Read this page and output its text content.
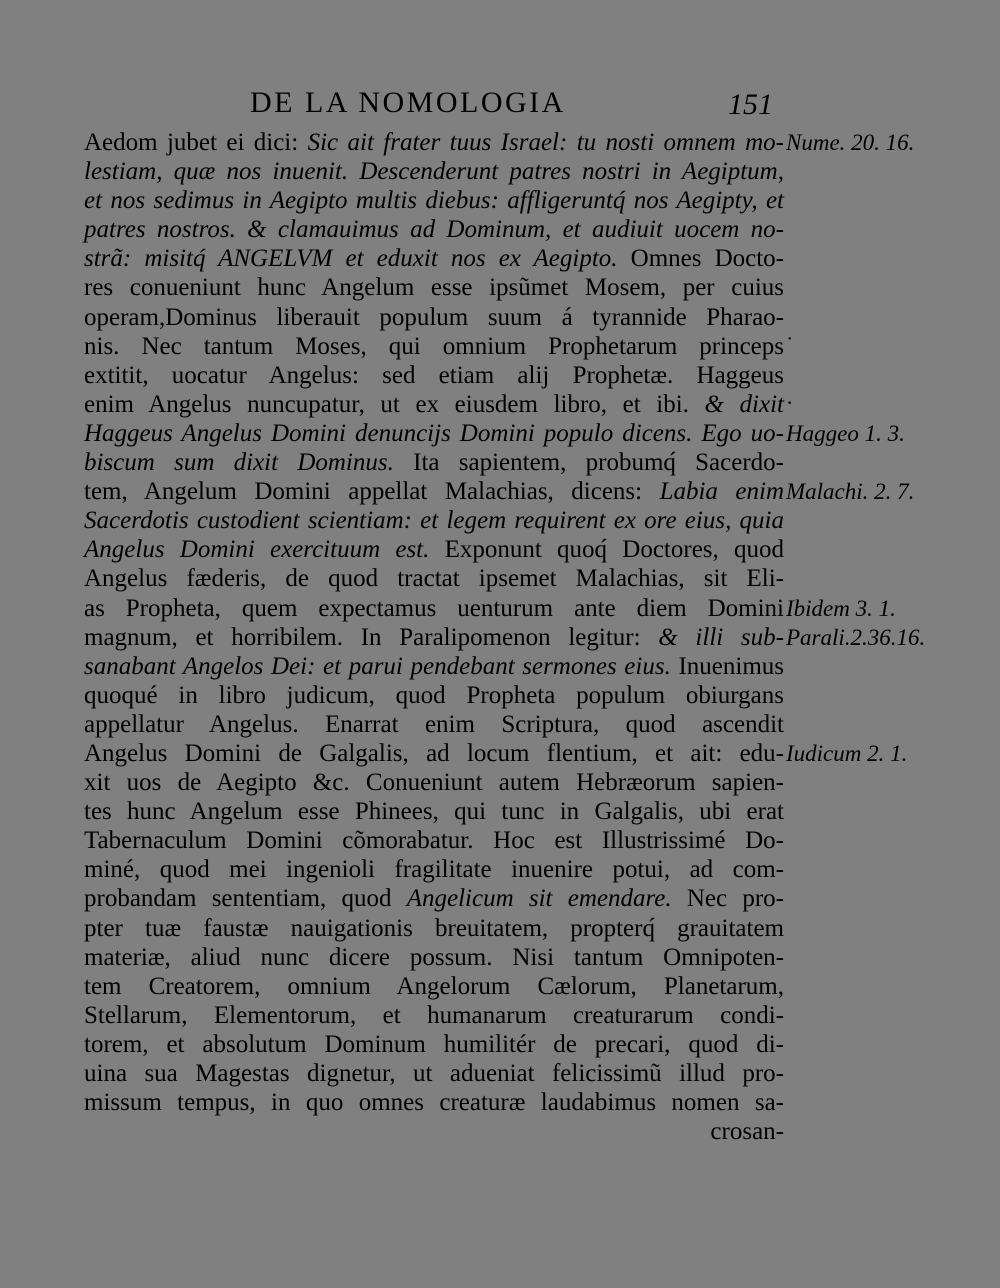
DE LA NOMOLOGIA	151
Aedom jubet ei dici: Sic ait frater tuus Israel: tu nosti omnem mo-
lestiam, quæ nos inuenit. Descenderunt patres nostri in Aegiptum,
et nos sedimus in Aegipto multis diebus: affligeruntq́ nos Aegipty, et
patres nostros. & clamauimus ad Dominum, et audiuit uocem no-
strã: misitq́ ANGELVM et eduxit nos ex Aegipto. Omnes Docto-
res conueniunt hunc Angelum esse ipsũmet Mosem, per cuius
operam,Dominus liberauit populum suum á tyrannide Pharao-
nis. Nec tantum Moses, qui omnium Prophetarum princeps
extitit, uocatur Angelus: sed etiam alij Prophetæ. Haggeus
enim Angelus nuncupatur, ut ex eiusdem libro, et ibi. & dixit
Haggeus Angelus Domini denuncijs Domini populo dicens. Ego uo-
biscum sum dixit Dominus. Ita sapientem, probumq́ Sacerdo-
tem, Angelum Domini appellat Malachias, dicens: Labia enim
Sacerdotis custodient scientiam: et legem requirent ex ore eius, quia
Angelus Domini exercituum est. Exponunt quoq́ Doctores, quod
Angelus fæderis, de quod tractat ipsemet Malachias, sit Eli-
as Propheta, quem expectamus uenturum ante diem Domini
magnum, et horribilem. In Paralipomenon legitur: & illi sub-
sanabant Angelos Dei: et parui pendebant sermones eius. Inuenimus
quoqué in libro judicum, quod Propheta populum obiurgans
appellatur Angelus. Enarrat enim Scriptura, quod ascendit
Angelus Domini de Galgalis, ad locum flentium, et ait: edu-
xit uos de Aegipto &c. Conueniunt autem Hebræorum sapien-
tes hunc Angelum esse Phinees, qui tunc in Galgalis, ubi erat
Tabernaculum Domini cõmorabatur. Hoc est Illustrissimé Do-
miné, quod mei ingenioli fragilitate inuenire potui, ad com-
probandam sententiam, quod Angelicum sit emendare. Nec pro-
pter tuæ faustæ nauigationis breuitatem, propterq́ grauitatem
materiæ, aliud nunc dicere possum. Nisi tantum Omnipoten-
tem Creatorem, omnium Angelorum Cælorum, Planetarum,
Stellarum, Elementorum, et humanarum creaturarum condi-
torem, et absolutum Dominum humilitér de precari, quod di-
uina sua Magestas dignetur, ut adueniat felicissimũ illud pro-
missum tempus, in quo omnes creaturæ laudabimus nomen sa-
crosan-
Nume. 20. 16.
Haggeo 1. 3.
Malachi. 2. 7.
Ibidem 3. 1.
Parali.2.36.16.
Iudicum 2. 1.
˙
·
